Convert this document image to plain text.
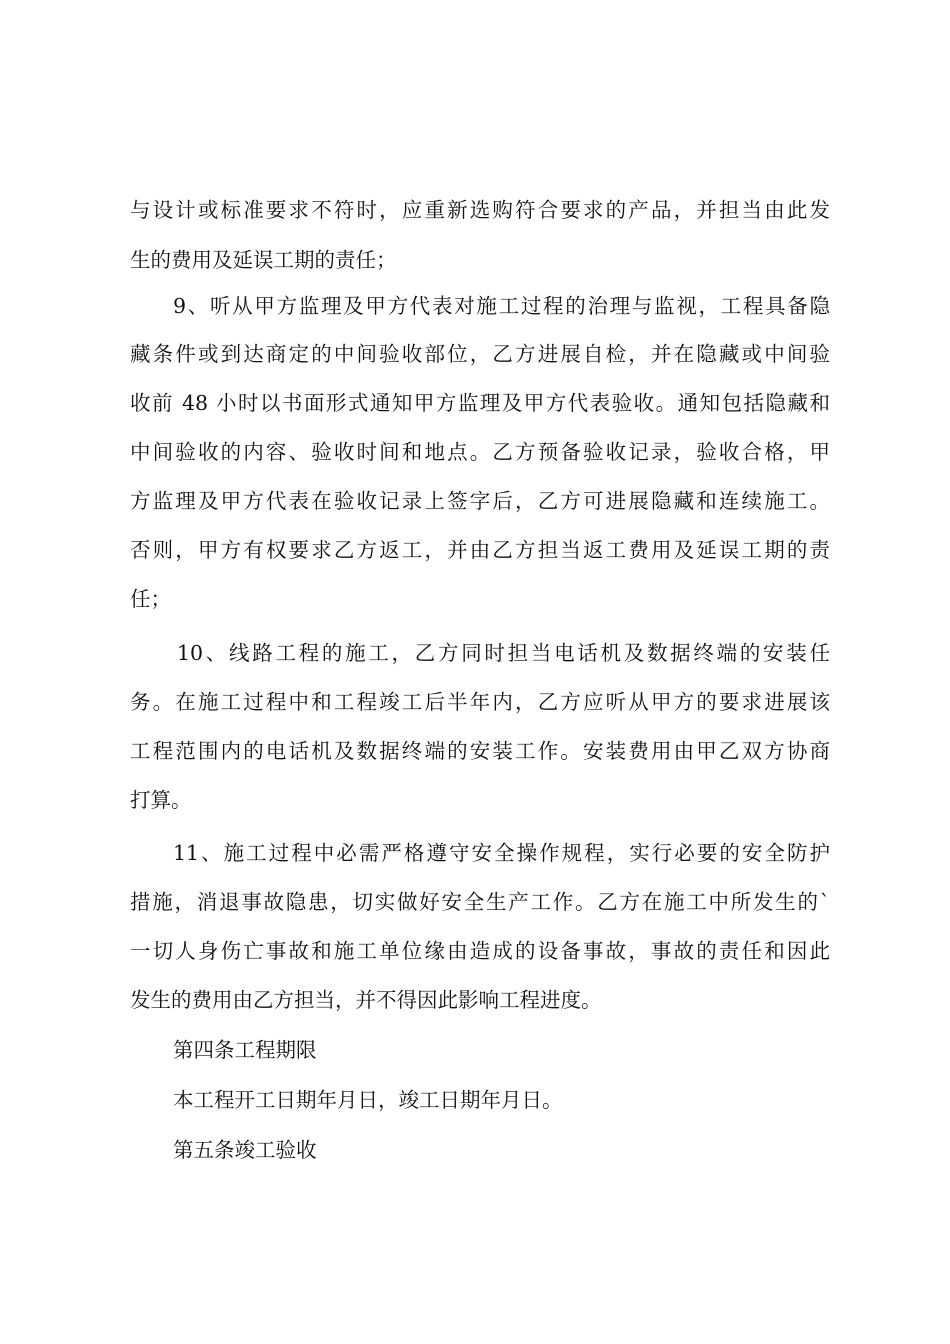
与设计或标准要求不符时，应重新选购符合要求的产品，并担当由此发
生的费用及延误工期的责任；
9、听从甲方监理及甲方代表对施工过程的治理与监视，工程具备隐
藏条件或到达商定的中间验收部位，乙方进展自检，并在隐藏或中间验
收前 48 小时以书面形式通知甲方监理及甲方代表验收。通知包括隐藏和
中间验收的内容、验收时间和地点。乙方预备验收记录，验收合格，甲
方监理及甲方代表在验收记录上签字后，乙方可进展隐藏和连续施工。
否则，甲方有权要求乙方返工，并由乙方担当返工费用及延误工期的责
任；
10、线路工程的施工，乙方同时担当电话机及数据终端的安装任
务。在施工过程中和工程竣工后半年内，乙方应听从甲方的要求进展该
工程范围内的电话机及数据终端的安装工作。安装费用由甲乙双方协商
打算。
11、施工过程中必需严格遵守安全操作规程，实行必要的安全防护
措施，消退事故隐患，切实做好安全生产工作。乙方在施工中所发生的`
一切人身伤亡事故和施工单位缘由造成的设备事故，事故的责任和因此
发生的费用由乙方担当，并不得因此影响工程进度。
第四条工程期限
本工程开工日期年月日，竣工日期年月日。
第五条竣工验收
